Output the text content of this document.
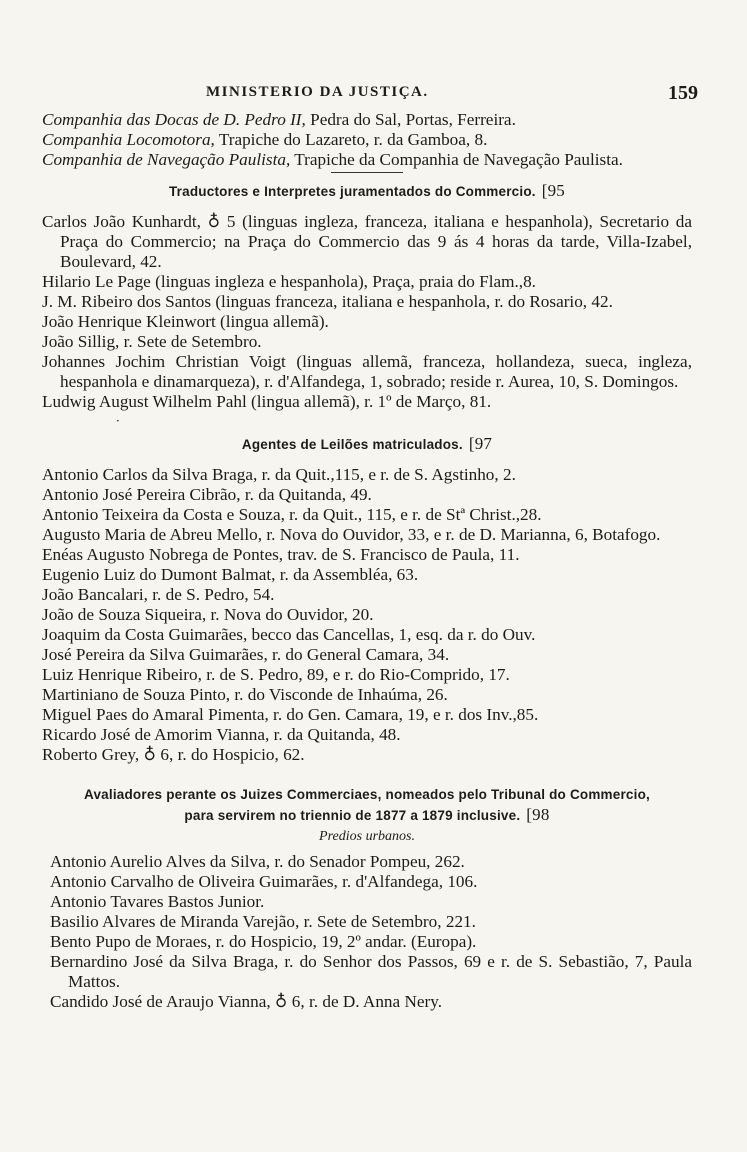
MINISTERIO DA JUSTIÇA.	159

Companhia das Docas de D. Pedro II, Pedra do Sal, Portas, Ferreira.

Companhia Locomotora, Trapiche do Lazareto, r. da Gamboa, 8.

Companhia de Navegação Paulista, Trapiche da Companhia de Navegação Paulista.

Traductores e Interpretes juramentados do Commercio. [95

Carlos João Kunhardt, ♁ 5 (linguas ingleza, franceza, italiana e hespanhola), Secretario da Praça do Commercio; na Praça do Commercio das 9 ás 4 horas da tarde, Villa-Izabel, Boulevard, 42.

Hilario Le Page (linguas ingleza e hespanhola), Praça, praia do Flam.,8.

J. M. Ribeiro dos Santos (linguas franceza, italiana e hespanhola, r. do Rosario, 42.

João Henrique Kleinwort (lingua allemã).

João Sillig, r. Sete de Setembro.

Johannes Jochim Christian Voigt (linguas allemã, franceza, hollandeza, sueca, ingleza, hespanhola e dinamarqueza), r. d'Alfandega, 1, sobrado; reside r. Aurea, 10, S. Domingos.

Ludwig August Wilhelm Pahl (lingua allemã), r. 1º de Março, 81.

·
Agentes de Leilões matriculados. [97

Antonio Carlos da Silva Braga, r. da Quit.,115, e r. de S. Agstinho, 2.

Antonio José Pereira Cibrão, r. da Quitanda, 49.

Antonio Teixeira da Costa e Souza, r. da Quit., 115, e r. de Stª Christ.,28.

Augusto Maria de Abreu Mello, r. Nova do Ouvidor, 33, e r. de D. Marianna, 6, Botafogo.

Enéas Augusto Nobrega de Pontes, trav. de S. Francisco de Paula, 11.

Eugenio Luiz do Dumont Balmat, r. da Assembléa, 63.

João Bancalari, r. de S. Pedro, 54.

João de Souza Siqueira, r. Nova do Ouvidor, 20.

Joaquim da Costa Guimarães, becco das Cancellas, 1, esq. da r. do Ouv.

José Pereira da Silva Guimarães, r. do General Camara, 34.

Luiz Henrique Ribeiro, r. de S. Pedro, 89, e r. do Rio-Comprido, 17.

Martiniano de Souza Pinto, r. do Visconde de Inhaúma, 26.

Miguel Paes do Amaral Pimenta, r. do Gen. Camara, 19, e r. dos Inv.,85.

Ricardo José de Amorim Vianna, r. da Quitanda, 48.

Roberto Grey, ♁ 6, r. do Hospicio, 62.

Avaliadores perante os Juizes Commerciaes, nomeados pelo Tribunal do Commercio,
para servirem no triennio de 1877 a 1879 inclusive. [98
Predios urbanos.

Antonio Aurelio Alves da Silva, r. do Senador Pompeu, 262.

Antonio Carvalho de Oliveira Guimarães, r. d'Alfandega, 106.

Antonio Tavares Bastos Junior.

Basilio Alvares de Miranda Varejão, r. Sete de Setembro, 221.

Bento Pupo de Moraes, r. do Hospicio, 19, 2º andar. (Europa).

Bernardino José da Silva Braga, r. do Senhor dos Passos, 69 e r. de S. Sebastião, 7, Paula Mattos.

Candido José de Araujo Vianna, ♁ 6, r. de D. Anna Nery.
